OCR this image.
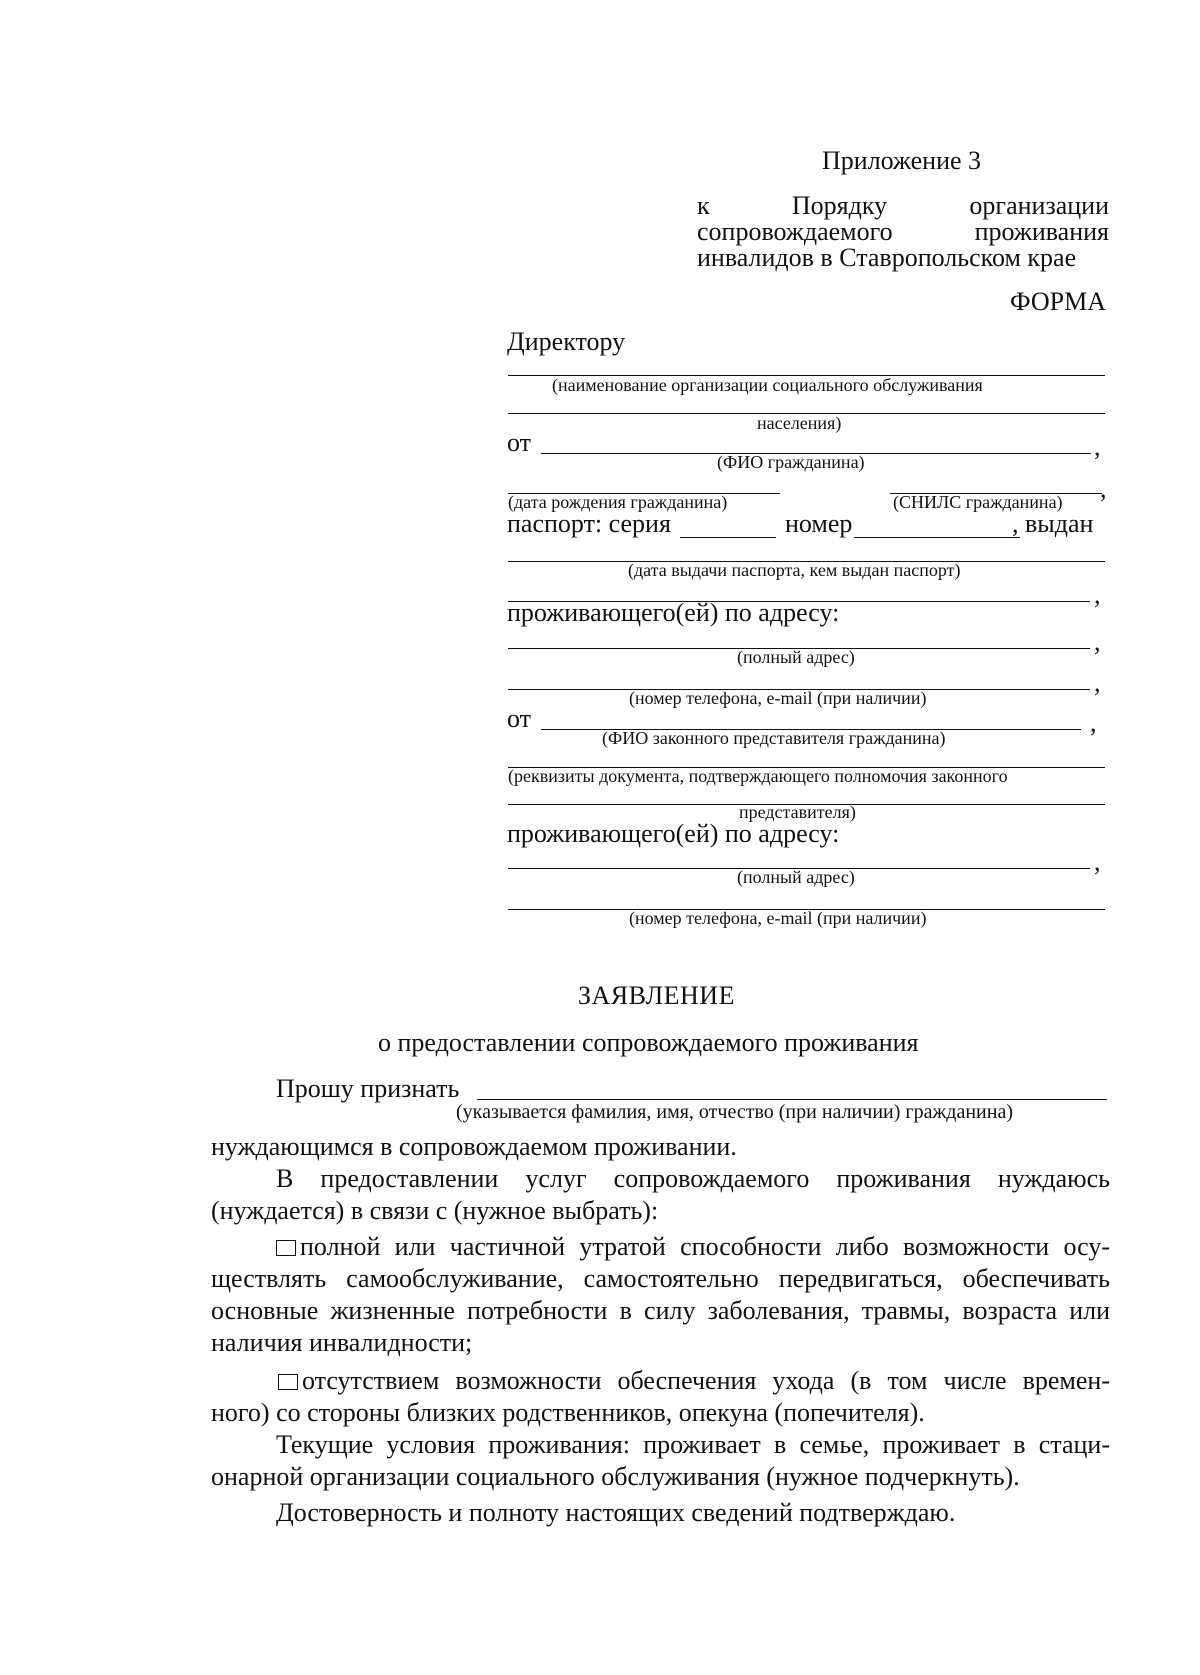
Приложение 3
к	Порядку	организации
сопровождаемого	проживания
инвалидов в Ставропольском крае
ФОРМА
Директору
(наименование организации социального обслуживания
населения)
от	,
(ФИО гражданина)
(дата рождения гражданина)	(СНИЛС гражданина) ,
паспорт: серия	номер	, выдан
(дата выдачи паспорта, кем выдан паспорт)
,
проживающего(ей) по адресу:
,
(полный адрес)
,
(номер телефона, e-mail (при наличии)
от	,
(ФИО законного представителя гражданина)
(реквизиты документа, подтверждающего полномочия законного
представителя)
проживающего(ей) по адресу:
,
(полный адрес)
(номер телефона, e-mail (при наличии)
ЗАЯВЛЕНИЕ
о предоставлении сопровождаемого проживания
Прошу признать
(указывается фамилия, имя, отчество (при наличии) гражданина)
нуждающимся в сопровождаемом проживании.
В предоставлении услуг сопровождаемого проживания нуждаюсь
(нуждается) в связи с (нужное выбрать):
полной или частичной утратой способности либо возможности осу-
ществлять самообслуживание, самостоятельно передвигаться, обеспечивать
основные жизненные потребности в силу заболевания, травмы, возраста или
наличия инвалидности;
отсутствием возможности обеспечения ухода (в том числе времен-
ного) со стороны близких родственников, опекуна (попечителя).
Текущие условия проживания: проживает в семье, проживает в стаци-
онарной организации социального обслуживания (нужное подчеркнуть).
Достоверность и полноту настоящих сведений подтверждаю.
